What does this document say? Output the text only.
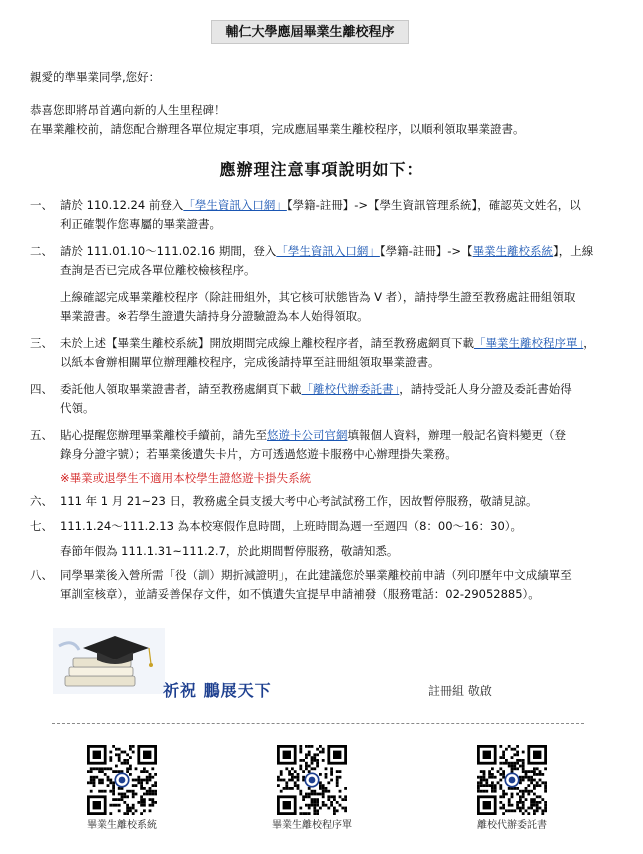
輔仁大學應屆畢業生離校程序
親愛的準畢業同學,您好：
恭喜您即將昂首邁向新的人生里程碑！
在畢業離校前，請您配合辦理各單位規定事項，完成應屆畢業生離校程序，以順利領取畢業證書。
應辦理注意事項說明如下：
一、 請於 110.12.24 前登入「學生資訊入口網」【學籍-註冊】->【學生資訊管理系統】，確認英文姓名，以
利正確製作您專屬的畢業證書。
二、 請於 111.01.10～111.02.16 期間，登入「學生資訊入口網」【學籍-註冊】->【畢業生離校系統】，上線
查詢是否已完成各單位離校檢核程序。
上線確認完成畢業離校程序（除註冊組外，其它核可狀態皆為 V 者），請持學生證至教務處註冊組領取
畢業證書。※若學生證遺失請持身分證驗證為本人始得領取。
三、 未於上述【畢業生離校系統】開放期間完成線上離校程序者，請至教務處網頁下載「畢業生離校程序單」，
以紙本會辦相關單位辦理離校程序，完成後請持單至註冊組領取畢業證書。
四、 委託他人領取畢業證書者，請至教務處網頁下載「離校代辦委託書」，請持受託人身分證及委託書始得
代領。
五、 貼心提醒您辦理畢業離校手續前，請先至悠遊卡公司官網填報個人資料，辦理一般記名資料變更（登
錄身分證字號）；若畢業後遺失卡片，方可透過悠遊卡服務中心辦理掛失業務。
※畢業或退學生不適用本校學生證悠遊卡掛失系統
六、 111 年 1 月 21~23 日，教務處全員支援大考中心考試試務工作，因故暫停服務，敬請見諒。
七、 111.1.24～111.2.13 為本校寒假作息時間，上班時間為週一至週四（8：00～16：30）。
春節年假為 111.1.31~111.2.7，於此期間暫停服務，敬請知悉。
八、 同學畢業後入營所需「役（訓）期折減證明」，在此建議您於畢業離校前申請（列印歷年中文成績單至
軍訓室核章），並請妥善保存文件，如不慎遺失宜提早申請補發（服務電話：02-29052885）。
祈祝 鵬展天下	註冊組 敬啟
畢業生離校系統	畢業生離校程序單	離校代辦委託書
